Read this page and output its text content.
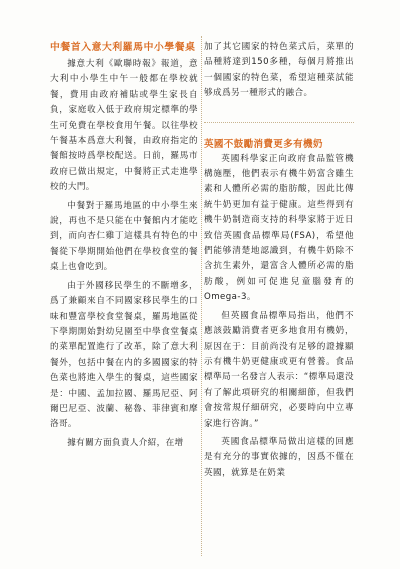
中餐首入意大利羅馬中小學餐桌

據意大利《歐聯時報》報道，意大利中小學生中午一般都在學校就餐，費用由政府補貼或學生家長自負，家庭收入低于政府規定標準的學生可免費在學校食用午餐。以往學校午餐基本爲意大利餐，由政府指定的餐館按時爲學校配送。日前，羅馬市政府已做出規定，中餐將正式走進學校的大門。

中餐對于羅馬地區的中小學生來說，再也不是只能在中餐館内才能吃到，而向杏仁雞丁這樣具有特色的中餐從下學期開始他們在學校食堂的餐桌上也會吃到。

由于外國移民學生的不斷增多，爲了兼顧來自不同國家移民學生的口味和豐富學校食堂餐桌，羅馬地區從下學期開始對幼兒園至中學食堂餐桌的菜單配置進行了改革，除了意大利餐外，包括中餐在内的多國國家的特色菜也將進入學生的餐桌，這些國家是：中國、孟加拉國、羅馬尼亞、阿爾巴尼亞、波蘭、秘魯、菲律賓和摩洛哥。

據有關方面負責人介紹，在增

加了其它國家的特色菜式后，菜單的品種將達到150多種，每個月將推出一個國家的特色菜，希望這種菜試能够成爲另一種形式的融合。

英國不鼓勵消費更多有機奶

英國科學家正向政府食品監管機構施壓，他們表示有機牛奶富含雖生素和人體所必需的脂肪酸，因此比傳統牛奶更加有益于健康。這些得到有機牛奶制造商支持的科學家將于近日致信英國食品標準局(FSA)，希望他們能够清楚地認識到，有機牛奶除不含抗生素外，還富含人體所必需的脂肪酸，例如可促進兒童腦發育的Omega-3。

但英國食品標準局指出，他們不應該鼓勵消費者更多地食用有機奶，原因在于：目前尚没有足够的證據顯示有機牛奶更健康或更有營養。食品標準局一名發言人表示：“標準局還没有了解此項研究的相關細節，但我們會按常規仔細研究，必要時向中立專家進行咨詢。”

英國食品標準局做出這樣的回應是有充分的事實依據的，因爲不僅在英國，就算是在奶業
